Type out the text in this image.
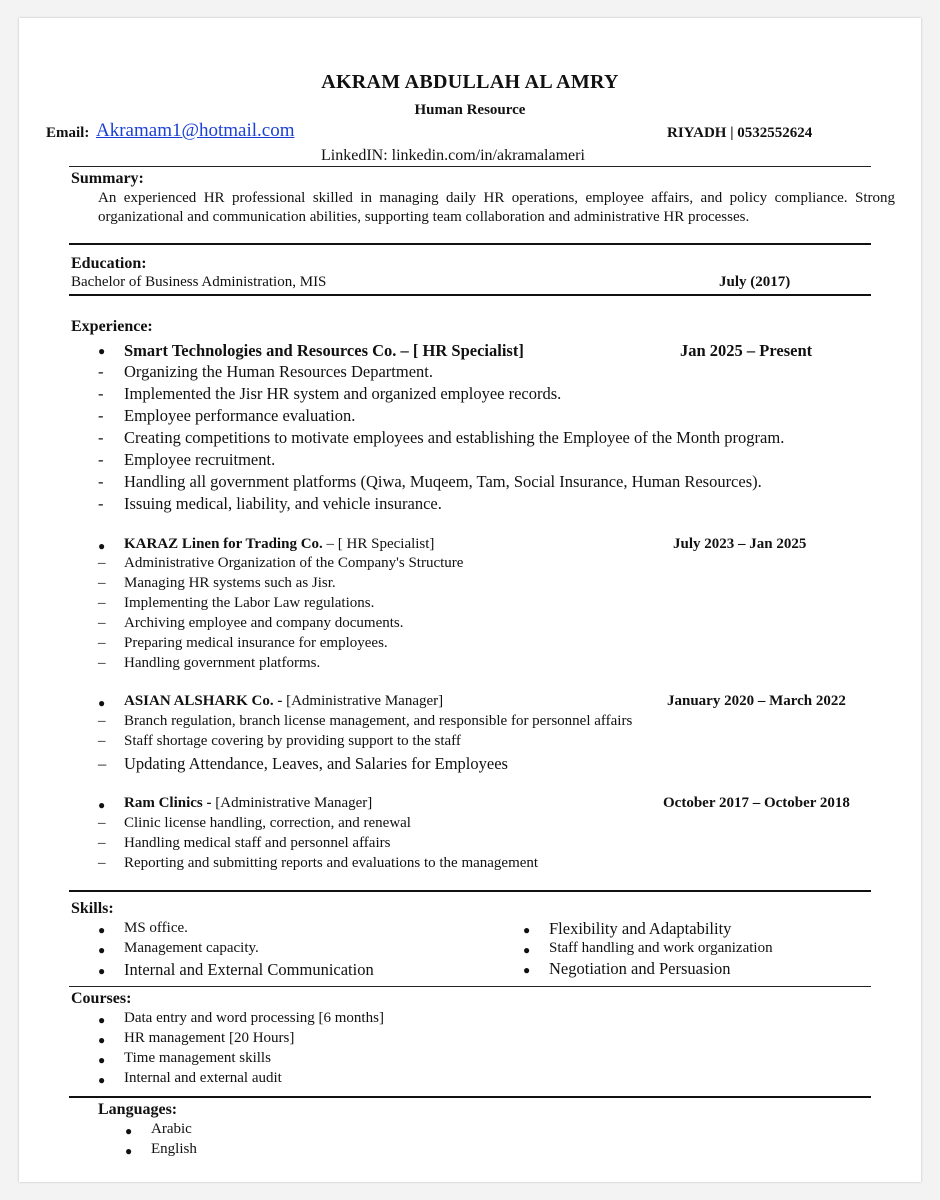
AKRAM ABDULLAH AL AMRY
Human Resource
Email: Akramam1@hotmail.com	RIYADH | 0532552624
LinkedIN: linkedin.com/in/akramalameri
Summary:
An experienced HR professional skilled in managing daily HR operations, employee affairs, and policy compliance. Strong organizational and communication abilities, supporting team collaboration and administrative HR processes.
Education:
Bachelor of Business Administration, MIS	July (2017)
Experience:
● Smart Technologies and Resources Co. – [ HR Specialist]	Jan 2025 – Present
- Organizing the Human Resources Department.
- Implemented the Jisr HR system and organized employee records.
- Employee performance evaluation.
- Creating competitions to motivate employees and establishing the Employee of the Month program.
- Employee recruitment.
- Handling all government platforms (Qiwa, Muqeem, Tam, Social Insurance, Human Resources).
- Issuing medical, liability, and vehicle insurance.
● KARAZ Linen for Trading Co. – [ HR Specialist]	July 2023 – Jan 2025
– Administrative Organization of the Company's Structure
– Managing HR systems such as Jisr.
– Implementing the Labor Law regulations.
– Archiving employee and company documents.
– Preparing medical insurance for employees.
– Handling government platforms.
● ASIAN ALSHARK Co. - [Administrative Manager]	January 2020 – March 2022
– Branch regulation, branch license management, and responsible for personnel affairs
– Staff shortage covering by providing support to the staff
– Updating Attendance, Leaves, and Salaries for Employees
● Ram Clinics - [Administrative Manager]	October 2017 – October 2018
– Clinic license handling, correction, and renewal
– Handling medical staff and personnel affairs
– Reporting and submitting reports and evaluations to the management
Skills:
● MS office.
● Management capacity.
● Internal and External Communication
● Flexibility and Adaptability
● Staff handling and work organization
● Negotiation and Persuasion
Courses:
● Data entry and word processing [6 months]
● HR management [20 Hours]
● Time management skills
● Internal and external audit
Languages:
● Arabic
● English
